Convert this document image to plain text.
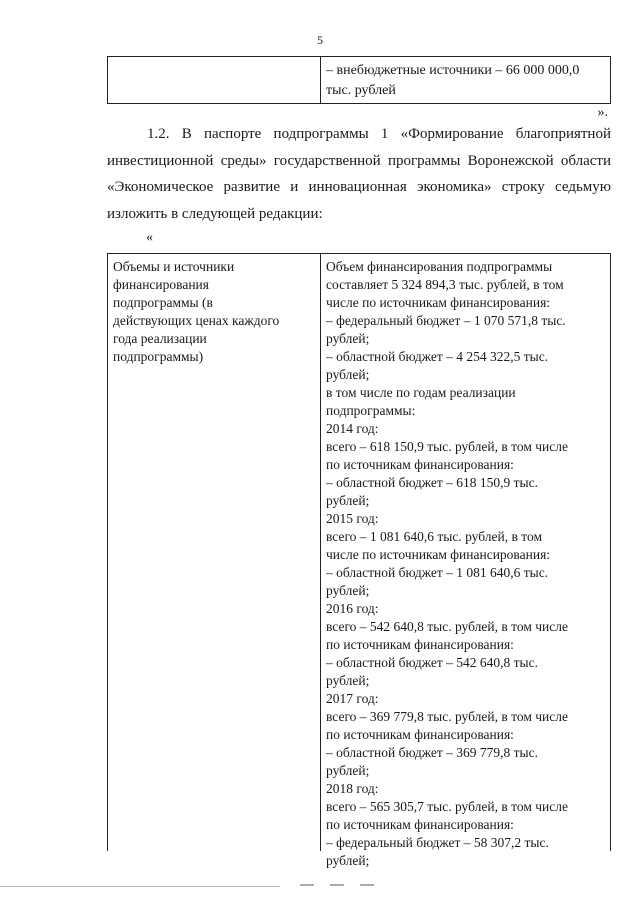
5
– внебюджетные источники – 66 000 000,0
тыс. рублей
».
1.2. В паспорте подпрограммы 1 «Формирование благоприятной
инвестиционной среды» государственной программы Воронежской области
«Экономическое развитие и инновационная экономика» строку седьмую
изложить в следующей редакции:
«
Объемы и источники
финансирования
подпрограммы (в
действующих ценах каждого
года реализации
подпрограммы)
Объем финансирования подпрограммы
составляет 5 324 894,3 тыс. рублей, в том
числе по источникам финансирования:
– федеральный бюджет – 1 070 571,8 тыс.
рублей;
– областной бюджет – 4 254 322,5 тыс.
рублей;
в том числе по годам реализации
подпрограммы:
2014 год:
всего – 618 150,9 тыс. рублей, в том числе
по источникам финансирования:
– областной бюджет – 618 150,9 тыс.
рублей;
2015 год:
всего – 1 081 640,6 тыс. рублей, в том
числе по источникам финансирования:
– областной бюджет – 1 081 640,6 тыс.
рублей;
2016 год:
всего – 542 640,8 тыс. рублей, в том числе
по источникам финансирования:
– областной бюджет – 542 640,8 тыс.
рублей;
2017 год:
всего – 369 779,8 тыс. рублей, в том числе
по источникам финансирования:
– областной бюджет – 369 779,8 тыс.
рублей;
2018 год:
всего – 565 305,7 тыс. рублей, в том числе
по источникам финансирования:
– федеральный бюджет – 58 307,2 тыс.
рублей;
